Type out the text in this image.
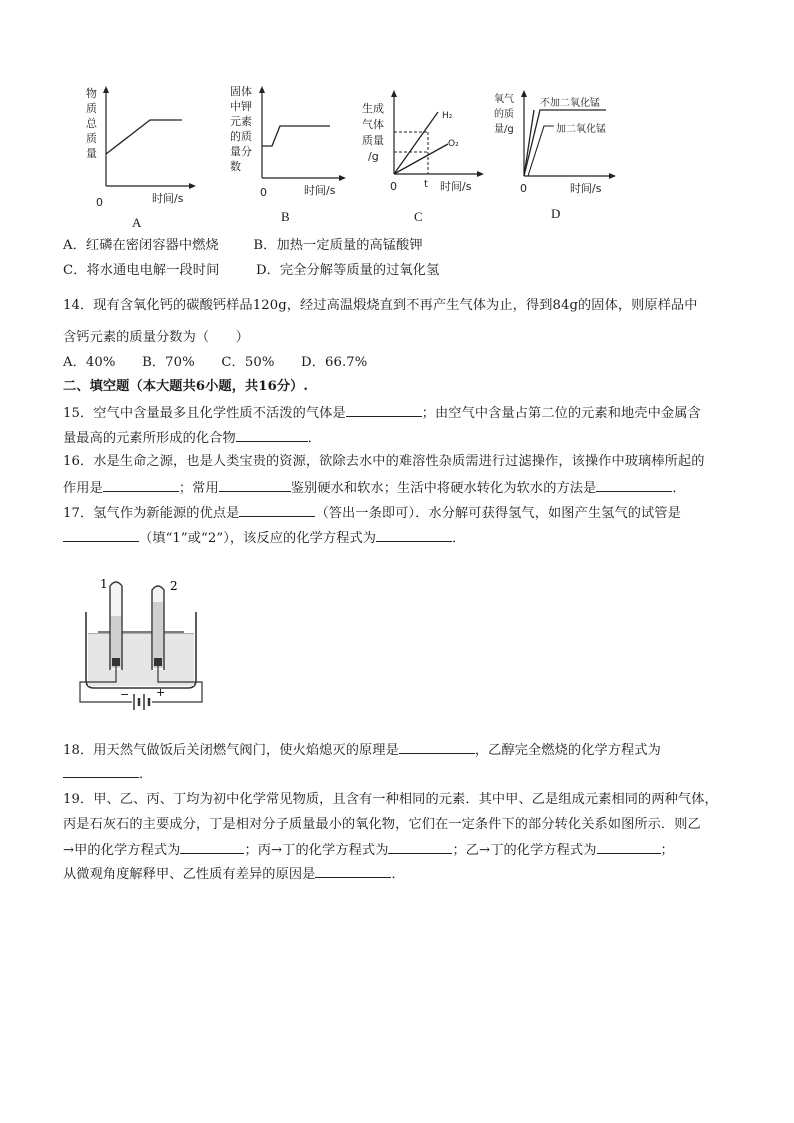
物
质
总
质
量
0	时间/s
A
固体
中钾
元素
的质
量分
数
0	时间/s
B
生成
气体
质量
/g
H₂
O₂
0	t 时间/s
C
氧气
的质
量/g
不加二氧化锰
加二氧化锰
0	时间/s
D
A．红磷在密闭容器中燃烧	B．加热一定质量的高锰酸钾
C．将水通电电解一段时间	D．完全分解等质量的过氧化氢
14．现有含氧化钙的碳酸钙样品120g，经过高温煅烧直到不再产生气体为止，得到84g的固体，则原样品中
含钙元素的质量分数为（　　）
A．40%　　B．70%　　C．50%　　D．66.7%
二、填空题（本大题共6小题，共16分）.
15．空气中含量最多且化学性质不活泼的气体是	；由空气中含量占第二位的元素和地壳中金属含
量最高的元素所形成的化合物	．
16．水是生命之源，也是人类宝贵的资源，欲除去水中的难溶性杂质需进行过滤操作，该操作中玻璃棒所起的
作用是	；常用	鉴别硬水和软水；生活中将硬水转化为软水的方法是	．
17．氢气作为新能源的优点是	（答出一条即可）．水分解可获得氢气，如图产生氢气的试管是
（填“1”或“2”），该反应的化学方程式为	．
1	2
− +
18．用天然气做饭后关闭燃气阀门，使火焰熄灭的原理是	，乙醇完全燃烧的化学方程式为
．
19．甲、乙、丙、丁均为初中化学常见物质，且含有一种相同的元素．其中甲、乙是组成元素相同的两种气体，
丙是石灰石的主要成分，丁是相对分子质量最小的氧化物，它们在一定条件下的部分转化关系如图所示．则乙
→甲的化学方程式为	；丙→丁的化学方程式为	；乙→丁的化学方程式为	；
从微观角度解释甲、乙性质有差异的原因是	．
